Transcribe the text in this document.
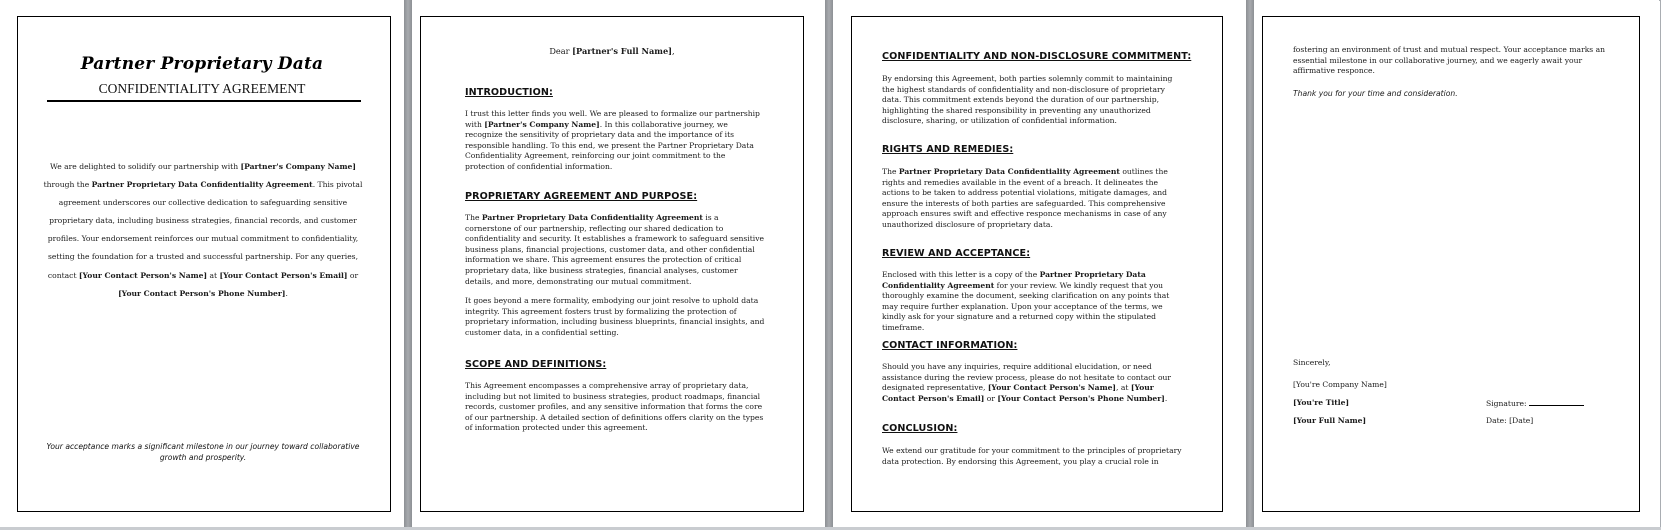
Partner Proprietary Data
CONFIDENTIALITY AGREEMENT
We are delighted to solidify our partnership with [Partner's Company Name] through the Partner Proprietary Data Confidentiality Agreement. This pivotal agreement underscores our collective dedication to safeguarding sensitive proprietary data, including business strategies, financial records, and customer profiles. Your endorsement reinforces our mutual commitment to confidentiality, setting the foundation for a trusted and successful partnership. For any queries, contact [Your Contact Person's Name] at [Your Contact Person's Email] or [Your Contact Person's Phone Number].
Your acceptance marks a significant milestone in our journey toward collaborative growth and prosperity.
Dear [Partner's Full Name],
INTRODUCTION:

I trust this letter finds you well. We are pleased to formalize our partnership with [Partner's Company Name]. In this collaborative journey, we recognize the sensitivity of proprietary data and the importance of its responsible handling. To this end, we present the Partner Proprietary Data Confidentiality Agreement, reinforcing our joint commitment to the protection of confidential information.

PROPRIETARY AGREEMENT AND PURPOSE:

The Partner Proprietary Data Confidentiality Agreement is a cornerstone of our partnership, reflecting our shared dedication to confidentiality and security. It establishes a framework to safeguard sensitive business plans, financial projections, customer data, and other confidential information we share. This agreement ensures the protection of critical proprietary data, like business strategies, financial analyses, customer details, and more, demonstrating our mutual commitment.

It goes beyond a mere formality, embodying our joint resolve to uphold data integrity. This agreement fosters trust by formalizing the protection of proprietary information, including business blueprints, financial insights, and customer data, in a confidential setting.

SCOPE AND DEFINITIONS:

This Agreement encompasses a comprehensive array of proprietary data, including but not limited to business strategies, product roadmaps, financial records, customer profiles, and any sensitive information that forms the core of our partnership. A detailed section of definitions offers clarity on the types of information protected under this agreement.

CONFIDENTIALITY AND NON-DISCLOSURE COMMITMENT:

By endorsing this Agreement, both parties solemnly commit to maintaining the highest standards of confidentiality and non-disclosure of proprietary data. This commitment extends beyond the duration of our partnership, highlighting the shared responsibility in preventing any unauthorized disclosure, sharing, or utilization of confidential information.

RIGHTS AND REMEDIES:

The Partner Proprietary Data Confidentiality Agreement outlines the rights and remedies available in the event of a breach. It delineates the actions to be taken to address potential violations, mitigate damages, and ensure the interests of both parties are safeguarded. This comprehensive approach ensures swift and effective responce mechanisms in case of any unauthorized disclosure of proprietary data.

REVIEW AND ACCEPTANCE:

Enclosed with this letter is a copy of the Partner Proprietary Data Confidentiality Agreement for your review. We kindly request that you thoroughly examine the document, seeking clarification on any points that may require further explanation. Upon your acceptance of the terms, we kindly ask for your signature and a returned copy within the stipulated timeframe.

CONTACT INFORMATION:

Should you have any inquiries, require additional elucidation, or need assistance during the review process, please do not hesitate to contact our designated representative, [Your Contact Person's Name], at [Your Contact Person's Email] or [Your Contact Person's Phone Number].

CONCLUSION:

We extend our gratitude for your commitment to the principles of proprietary data protection. By endorsing this Agreement, you play a crucial role in

fostering an environment of trust and mutual respect. Your acceptance marks an essential milestone in our collaborative journey, and we eagerly await your affirmative responce.
Thank you for your time and consideration.
Sincerely,
[You're Company Name]
[You're Title]
[Your Full Name]
Signature:
Date: [Date]
